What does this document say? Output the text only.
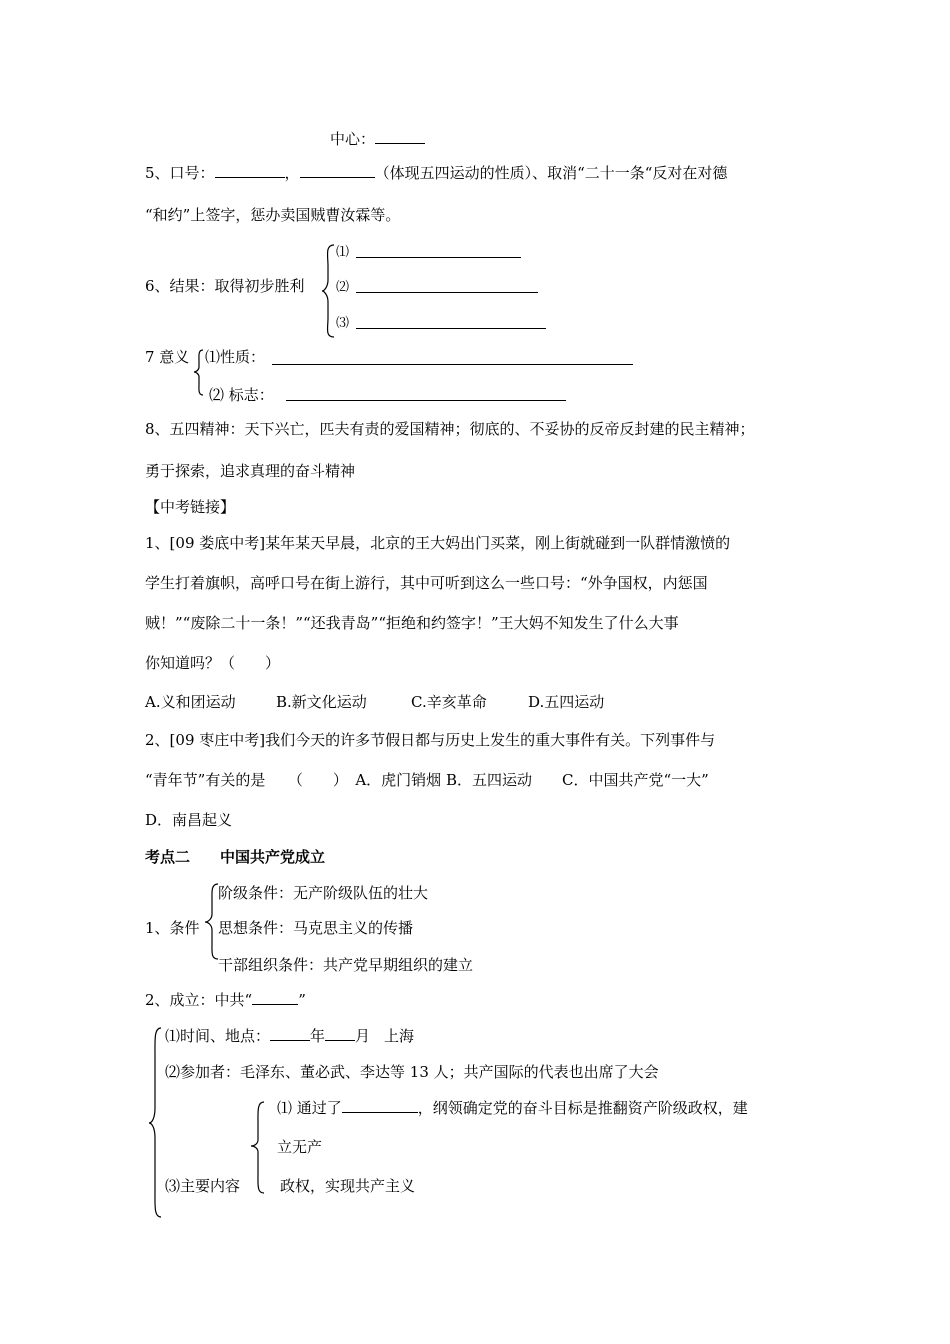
中心：
5、口号：	，	（体现五四运动的性质）、取消“二十一条“反对在对德
“和约”上签字，惩办卖国贼曹汝霖等。
6、结果：取得初步胜利
⑴
⑵
⑶
7 意义 ⑴性质：
⑵ 标志：
8、五四精神：天下兴亡，匹夫有责的爱国精神；彻底的、不妥协的反帝反封建的民主精神；
勇于探索，追求真理的奋斗精神
【中考链接】
1、[09 娄底中考]某年某天早晨，北京的王大妈出门买菜，刚上街就碰到一队群情激愤的
学生打着旗帜，高呼口号在街上游行，其中可听到这么一些口号：“外争国权，内惩国
贼！”“废除二十一条！”“还我青岛”“拒绝和约签字！”王大妈不知发生了什么大事
你知道吗？（　　）
A.义和团运动	B.新文化运动	C.辛亥革命	D.五四运动
2、[09 枣庄中考]我们今天的许多节假日都与历史上发生的重大事件有关。下列事件与
“青年节”有关的是　　（　　）　A．虎门销烟 B．五四运动　　C．中国共产党“一大”
D．南昌起义
考点二　　中国共产党成立
1、条件
阶级条件：无产阶级队伍的壮大
思想条件：马克思主义的传播
干部组织条件：共产党早期组织的建立
2、成立：中共“	”
⑴时间、地点：	年 月 上海
⑵参加者：毛泽东、董必武、李达等 13 人；共产国际的代表也出席了大会
⑶主要内容
⑴ 通过了	，纲领确定党的奋斗目标是推翻资产阶级政权，建
立无产
政权，实现共产主义
